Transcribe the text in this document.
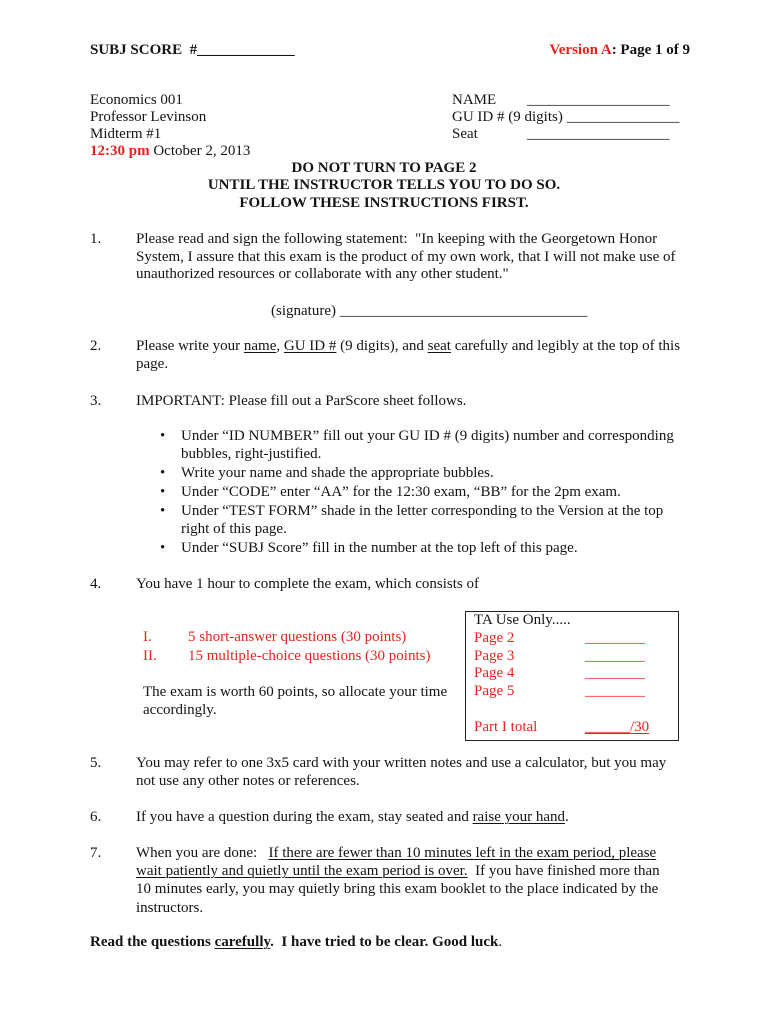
SUBJ SCORE  #_____________	Version A: Page 1 of 9
Economics 001
Professor Levinson
Midterm #1
12:30 pm October 2, 2013
NAME ___________________
GU ID # (9 digits) _______________
Seat	___________________
DO NOT TURN TO PAGE 2
UNTIL THE INSTRUCTOR TELLS YOU TO DO SO.
FOLLOW THESE INSTRUCTIONS FIRST.
1. Please read and sign the following statement:  "In keeping with the Georgetown Honor
System, I assure that this exam is the product of my own work, that I will not make use of
unauthorized resources or collaborate with any other student."
(signature) _________________________________
2. Please write your name, GU ID # (9 digits), and seat carefully and legibly at the top of this
page.
3. IMPORTANT: Please fill out a ParScore sheet follows.
•
Under “ID NUMBER” fill out your GU ID # (9 digits) number and corresponding
bubbles, right-justified.
•
Write your name and shade the appropriate bubbles.
•
Under “CODE” enter “AA” for the 12:30 exam, “BB” for the 2pm exam.
•
Under “TEST FORM” shade in the letter corresponding to the Version at the top
right of this page.
•
Under “SUBJ Score” fill in the number at the top left of this page.
4. You have 1 hour to complete the exam, which consists of
I. 5 short-answer questions (30 points)
II. 15 multiple-choice questions (30 points)
The exam is worth 60 points, so allocate your time
accordingly.
TA Use Only.....
Page 2	________
Page 3	________
Page 4	________
Page 5	________
Part I total	______/30
5. You may refer to one 3x5 card with your written notes and use a calculator, but you may
not use any other notes or references.
6. If you have a question during the exam, stay seated and raise your hand.
7. When you are done:   If there are fewer than 10 minutes left in the exam period, please
wait patiently and quietly until the exam period is over.  If you have finished more than
10 minutes early, you may quietly bring this exam booklet to the place indicated by the
instructors.
Read the questions carefully.  I have tried to be clear. Good luck.
